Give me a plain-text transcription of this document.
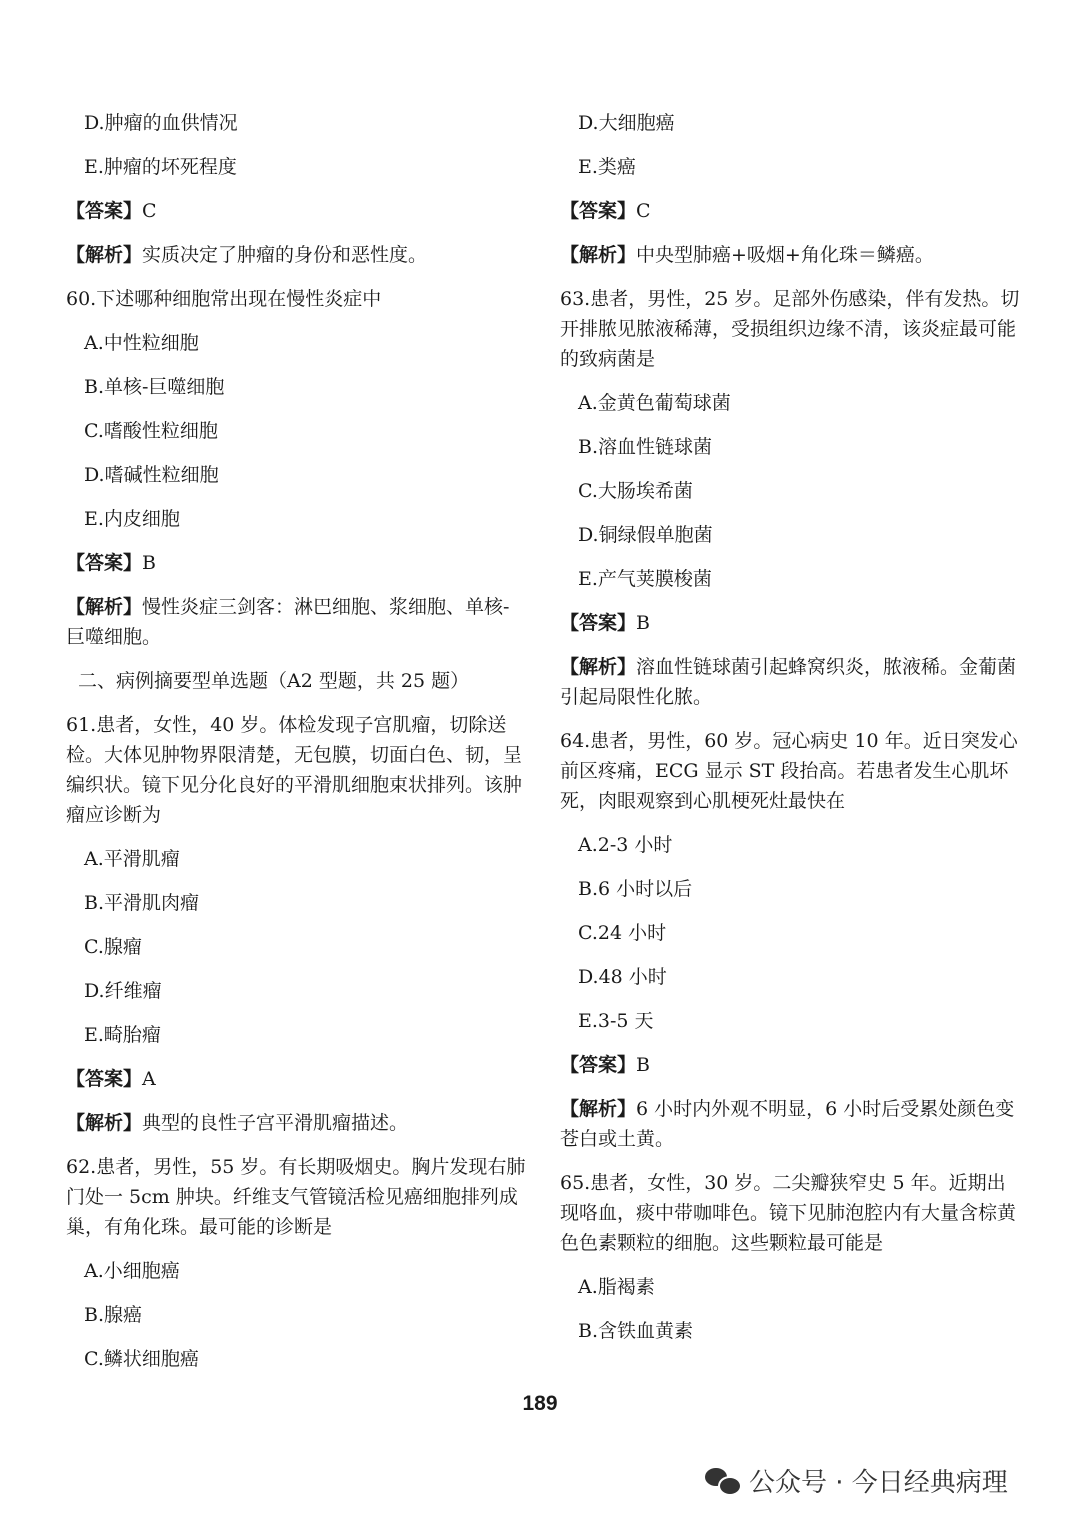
D.肿瘤的血供情况
E.肿瘤的坏死程度
【答案】C
【解析】实质决定了肿瘤的身份和恶性度。
60.下述哪种细胞常出现在慢性炎症中
A.中性粒细胞
B.单核-巨噬细胞
C.嗜酸性粒细胞
D.嗜碱性粒细胞
E.内皮细胞
【答案】B
【解析】慢性炎症三剑客：淋巴细胞、浆细胞、单核-巨噬细胞。
二、病例摘要型单选题（A2 型题，共 25 题）
61.患者，女性，40 岁。体检发现子宫肌瘤，切除送检。大体见肿物界限清楚，无包膜，切面白色、韧，呈编织状。镜下见分化良好的平滑肌细胞束状排列。该肿瘤应诊断为
A.平滑肌瘤
B.平滑肌肉瘤
C.腺瘤
D.纤维瘤
E.畸胎瘤
【答案】A
【解析】典型的良性子宫平滑肌瘤描述。
62.患者，男性，55 岁。有长期吸烟史。胸片发现右肺门处一 5cm 肿块。纤维支气管镜活检见癌细胞排列成巢，有角化珠。最可能的诊断是
A.小细胞癌
B.腺癌
C.鳞状细胞癌
D.大细胞癌
E.类癌
【答案】C
【解析】中央型肺癌+吸烟+角化珠＝鳞癌。
63.患者，男性，25 岁。足部外伤感染，伴有发热。切开排脓见脓液稀薄，受损组织边缘不清，该炎症最可能的致病菌是
A.金黄色葡萄球菌
B.溶血性链球菌
C.大肠埃希菌
D.铜绿假单胞菌
E.产气荚膜梭菌
【答案】B
【解析】溶血性链球菌引起蜂窝织炎，脓液稀。金葡菌引起局限性化脓。
64.患者，男性，60 岁。冠心病史 10 年。近日突发心前区疼痛，ECG 显示 ST 段抬高。若患者发生心肌坏死，肉眼观察到心肌梗死灶最快在
A.2-3 小时
B.6 小时以后
C.24 小时
D.48 小时
E.3-5 天
【答案】B
【解析】6 小时内外观不明显，6 小时后受累处颜色变苍白或土黄。
65.患者，女性，30 岁。二尖瓣狭窄史 5 年。近期出现咯血，痰中带咖啡色。镜下见肺泡腔内有大量含棕黄色色素颗粒的细胞。这些颗粒最可能是
A.脂褐素
B.含铁血黄素
189
公众号 · 今日经典病理
